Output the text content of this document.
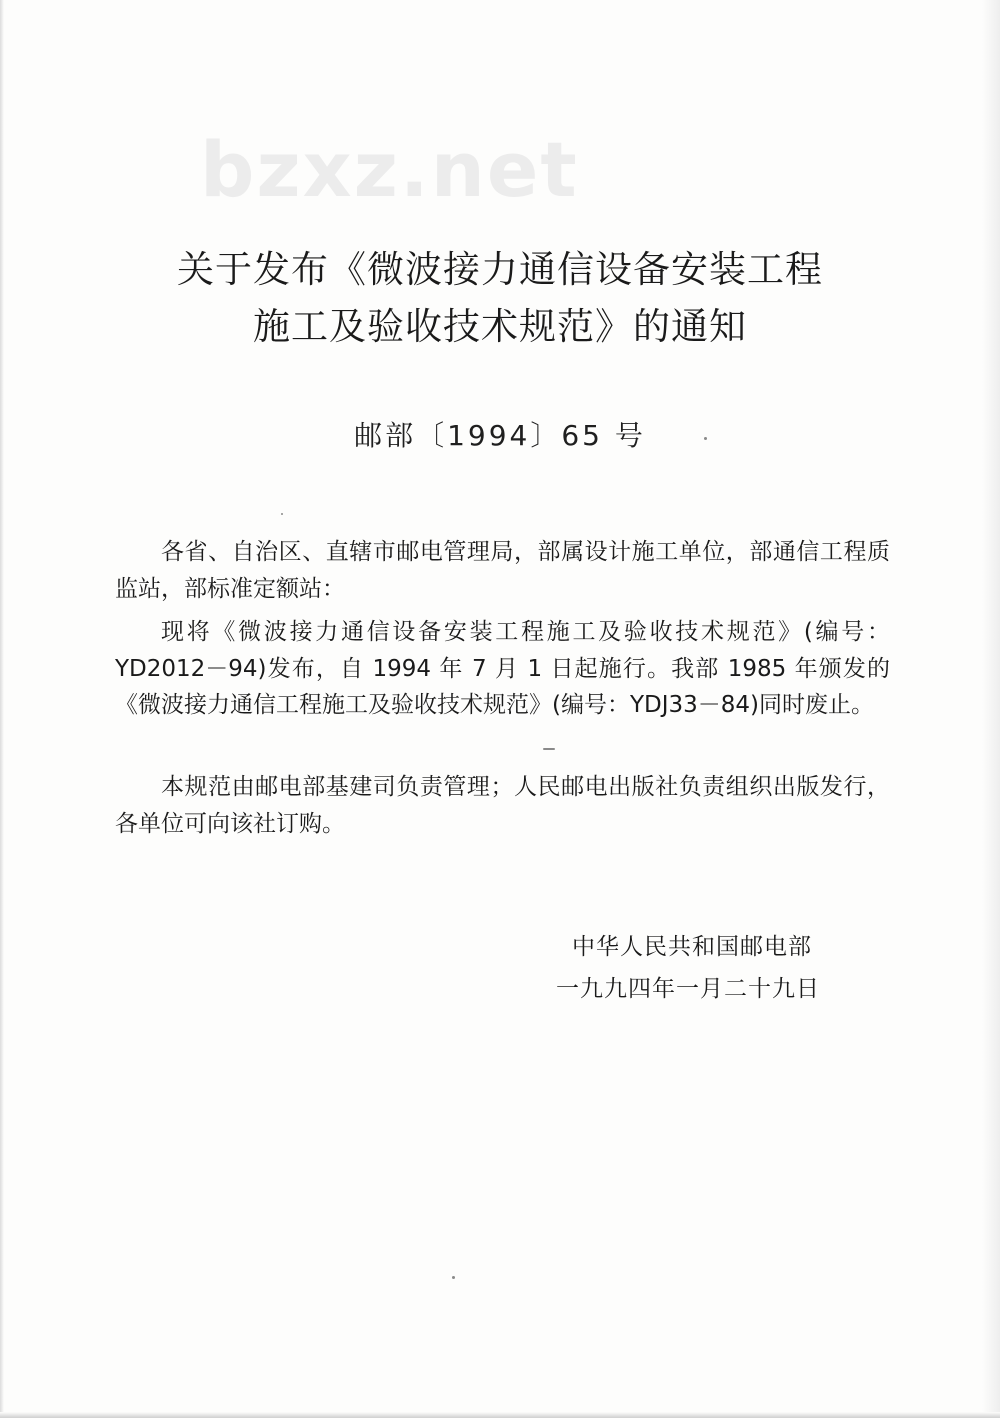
bzxz.net
关于发布《微波接力通信设备安装工程
施工及验收技术规范》的通知
邮部〔1994〕65 号

各省、自治区、直辖市邮电管理局，部属设计施工单位，部通信工程质监站，部标准定额站：

现将《微波接力通信设备安装工程施工及验收技术规范》(编号：YD2012－94)发布，自 1994 年 7 月 1 日起施行。我部 1985 年颁发的《微波接力通信工程施工及验收技术规范》(编号：YDJ33－84)同时废止。

本规范由邮电部基建司负责管理；人民邮电出版社负责组织出版发行，各单位可向该社订购。

中华人民共和国邮电部
一九九四年一月二十九日
